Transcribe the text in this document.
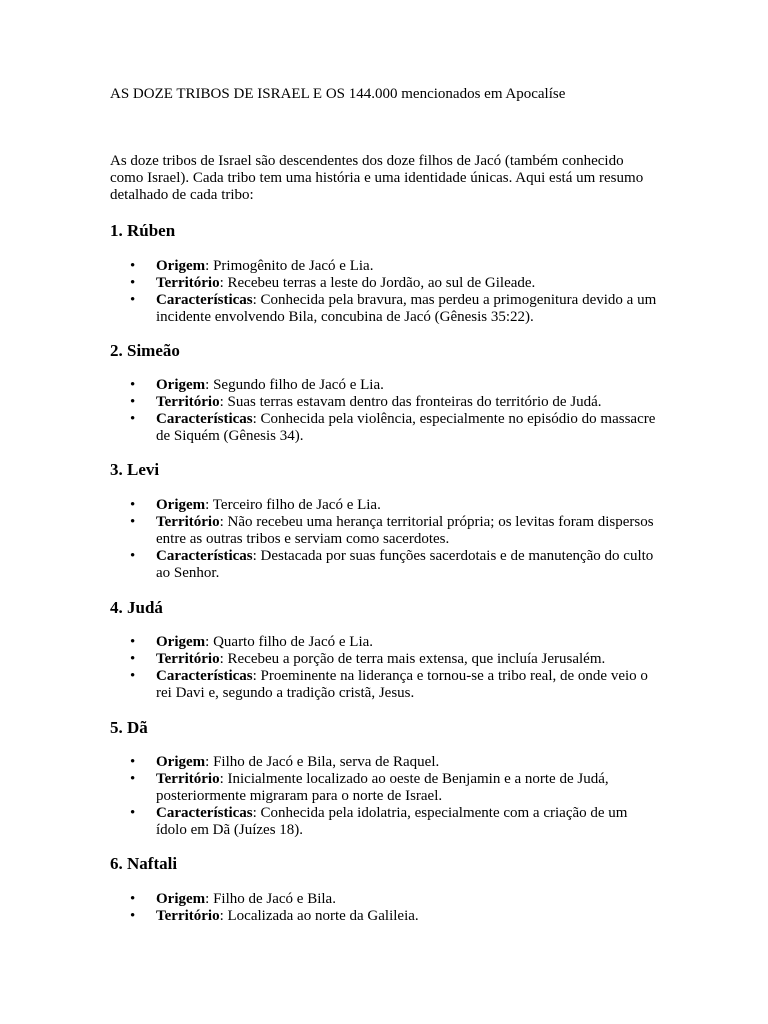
AS DOZE TRIBOS DE ISRAEL E OS 144.000 mencionados em Apocalíse

As doze tribos de Israel são descendentes dos doze filhos de Jacó (também conhecido como Israel). Cada tribo tem uma história e uma identidade únicas. Aqui está um resumo detalhado de cada tribo:

1. Rúben
• Origem: Primogênito de Jacó e Lia.
• Território: Recebeu terras a leste do Jordão, ao sul de Gileade.
• Características: Conhecida pela bravura, mas perdeu a primogenitura devido a um incidente envolvendo Bila, concubina de Jacó (Gênesis 35:22).
2. Simeão
• Origem: Segundo filho de Jacó e Lia.
• Território: Suas terras estavam dentro das fronteiras do território de Judá.
• Características: Conhecida pela violência, especialmente no episódio do massacre de Siquém (Gênesis 34).
3. Levi
• Origem: Terceiro filho de Jacó e Lia.
• Território: Não recebeu uma herança territorial própria; os levitas foram dispersos entre as outras tribos e serviam como sacerdotes.
• Características: Destacada por suas funções sacerdotais e de manutenção do culto ao Senhor.
4. Judá
• Origem: Quarto filho de Jacó e Lia.
• Território: Recebeu a porção de terra mais extensa, que incluía Jerusalém.
• Características: Proeminente na liderança e tornou-se a tribo real, de onde veio o rei Davi e, segundo a tradição cristã, Jesus.
5. Dã
• Origem: Filho de Jacó e Bila, serva de Raquel.
• Território: Inicialmente localizado ao oeste de Benjamin e a norte de Judá, posteriormente migraram para o norte de Israel.
• Características: Conhecida pela idolatria, especialmente com a criação de um ídolo em Dã (Juízes 18).
6. Naftali
• Origem: Filho de Jacó e Bila.
• Território: Localizada ao norte da Galileia.
